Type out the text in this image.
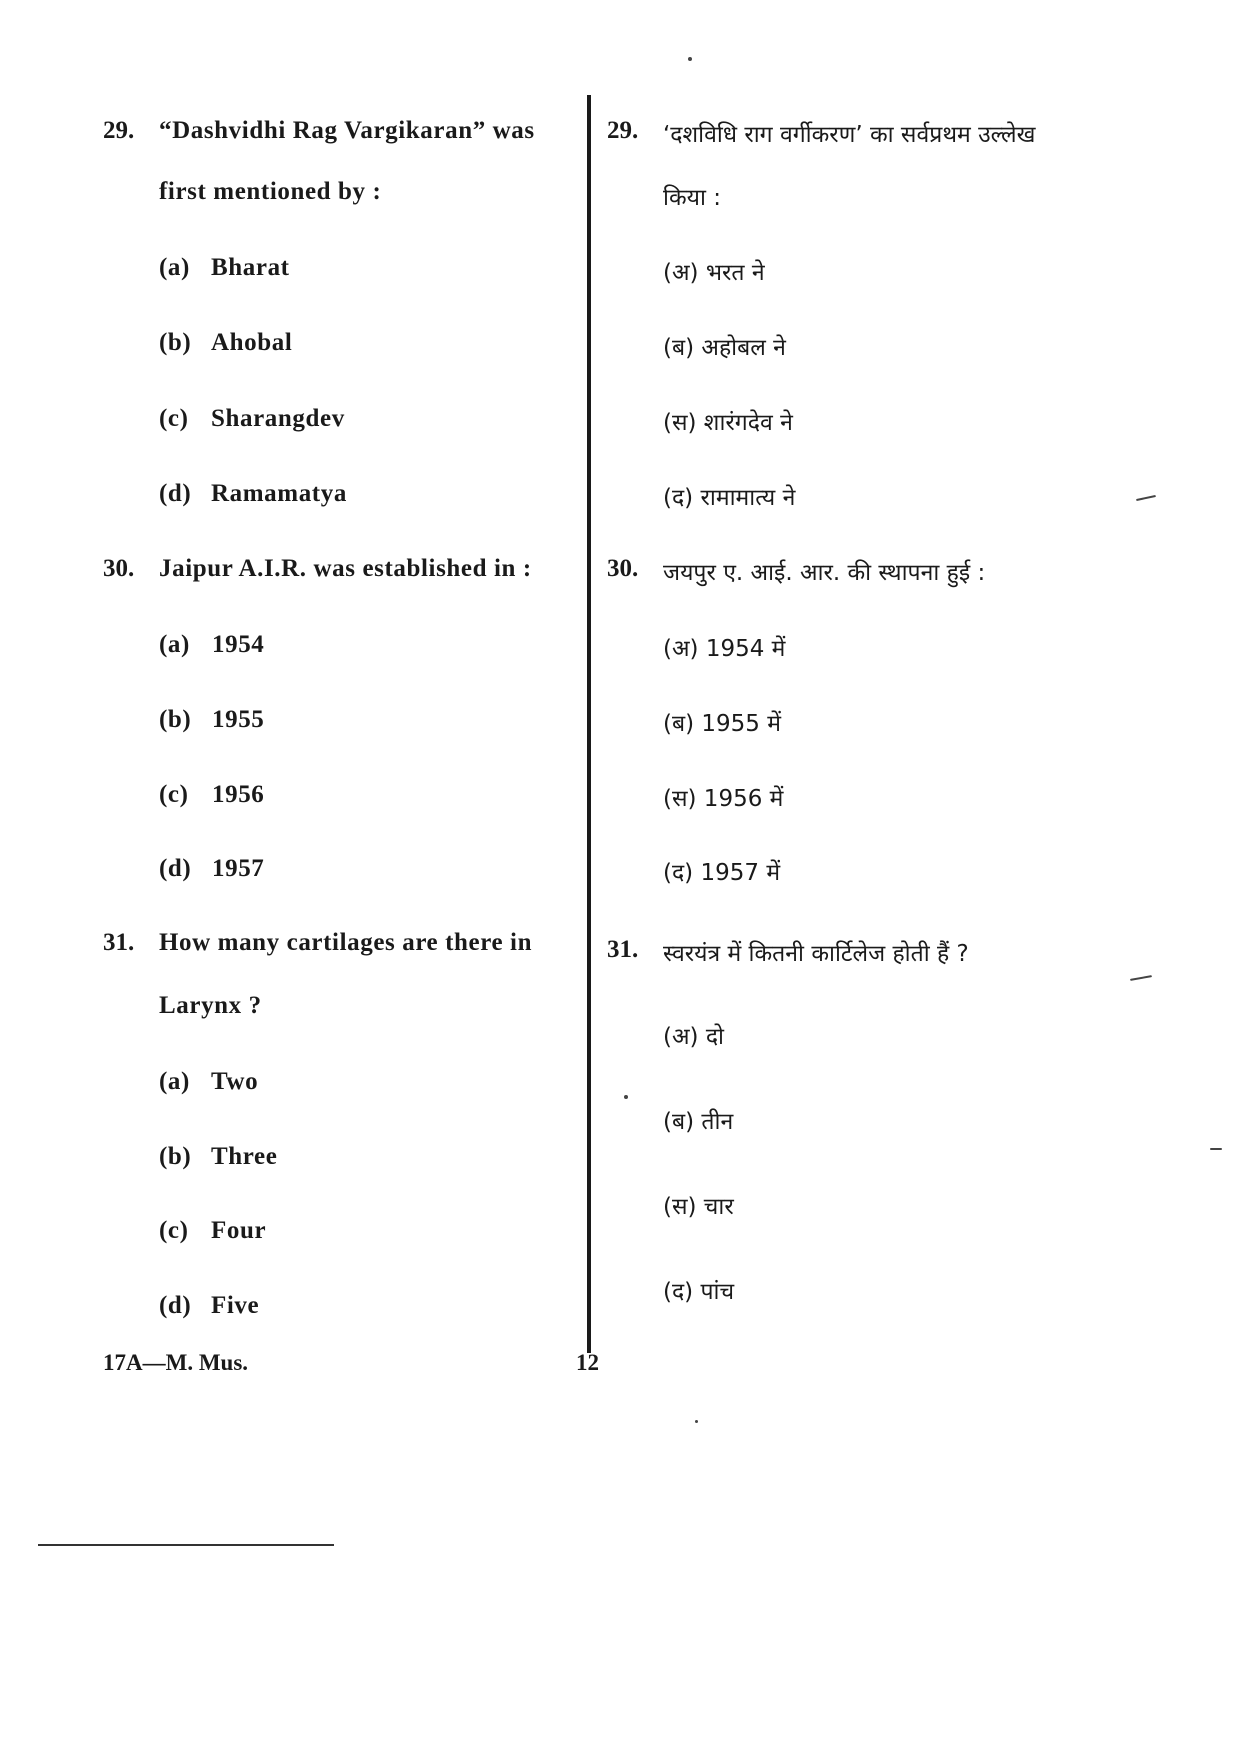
29. “Dashvidhi Rag Vargikaran” was
first mentioned by :
(a) Bharat
(b) Ahobal
(c) Sharangdev
(d) Ramamatya
30. Jaipur A.I.R. was established in :
(a) 1954
(b) 1955
(c) 1956
(d) 1957
31. How many cartilages are there in
Larynx ?
(a) Two
(b) Three
(c) Four
(d) Five
29. ‘दशविधि राग वर्गीकरण’ का सर्वप्रथम उल्लेख
किया :
(अ) भरत ने
(ब) अहोबल ने
(स) शारंगदेव ने
(द) रामामात्य ने
30. जयपुर ए. आई. आर. की स्थापना हुई :
(अ) 1954 में
(ब) 1955 में
(स) 1956 में
(द) 1957 में
31. स्वरयंत्र में कितनी कार्टिलेज होती हैं ?
(अ) दो
(ब) तीन
(स) चार
(द) पांच
17A—M. Mus.	12
